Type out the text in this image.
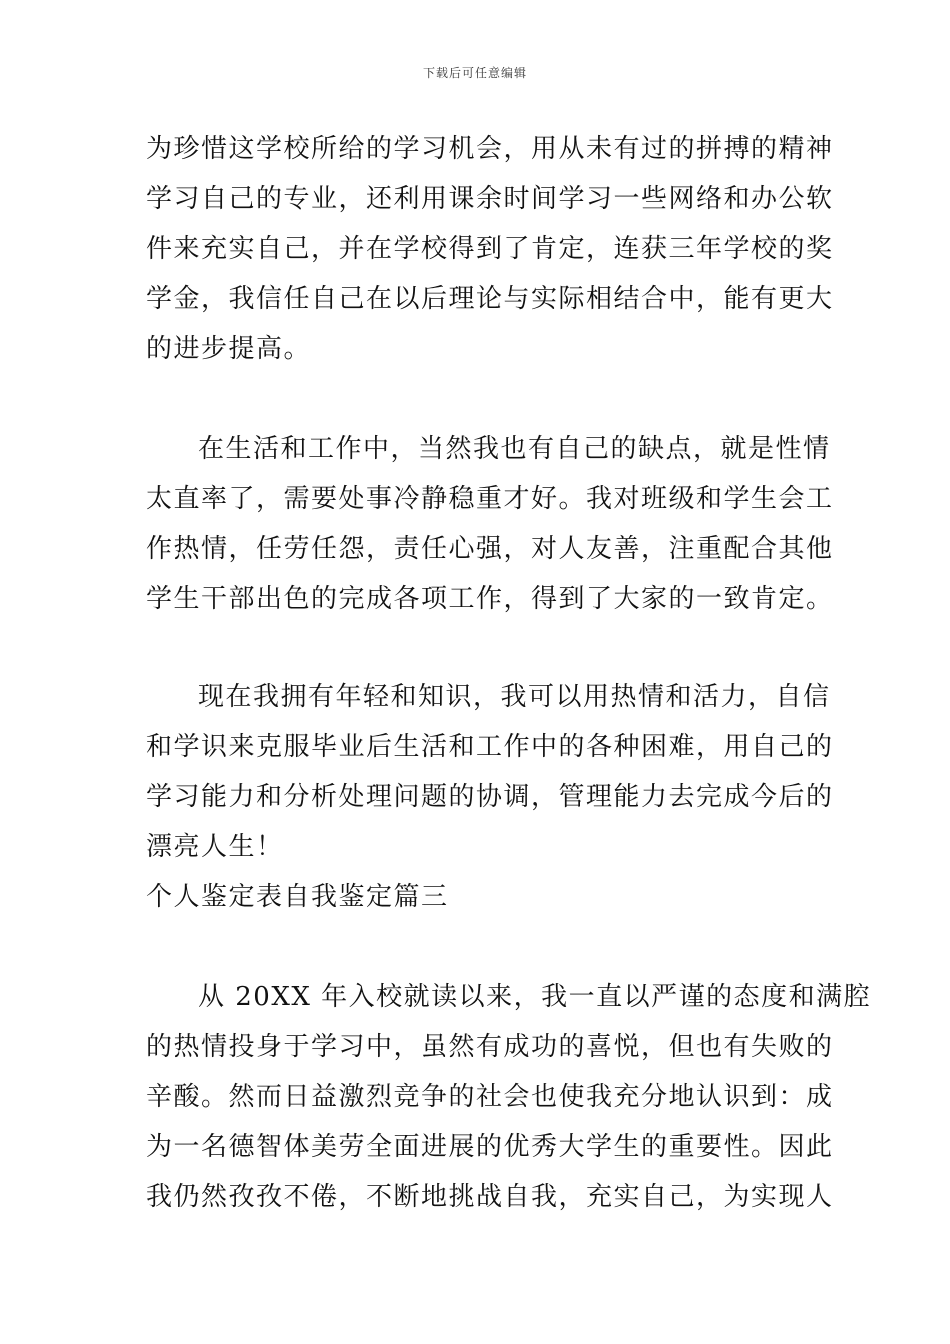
下载后可任意编辑
为珍惜这学校所给的学习机会，用从未有过的拼搏的精神
学习自己的专业，还利用课余时间学习一些网络和办公软
件来充实自己，并在学校得到了肯定，连获三年学校的奖
学金，我信任自己在以后理论与实际相结合中，能有更大
的进步提高。
在生活和工作中，当然我也有自己的缺点，就是性情
太直率了，需要处事冷静稳重才好。我对班级和学生会工
作热情，任劳任怨，责任心强，对人友善，注重配合其他
学生干部出色的完成各项工作，得到了大家的一致肯定。
现在我拥有年轻和知识，我可以用热情和活力，自信
和学识来克服毕业后生活和工作中的各种困难，用自己的
学习能力和分析处理问题的协调，管理能力去完成今后的
漂亮人生！
个人鉴定表自我鉴定篇三
从 20XX 年入校就读以来，我一直以严谨的态度和满腔
的热情投身于学习中，虽然有成功的喜悦，但也有失败的
辛酸。然而日益激烈竞争的社会也使我充分地认识到：成
为一名德智体美劳全面进展的优秀大学生的重要性。因此
我仍然孜孜不倦，不断地挑战自我，充实自己，为实现人
